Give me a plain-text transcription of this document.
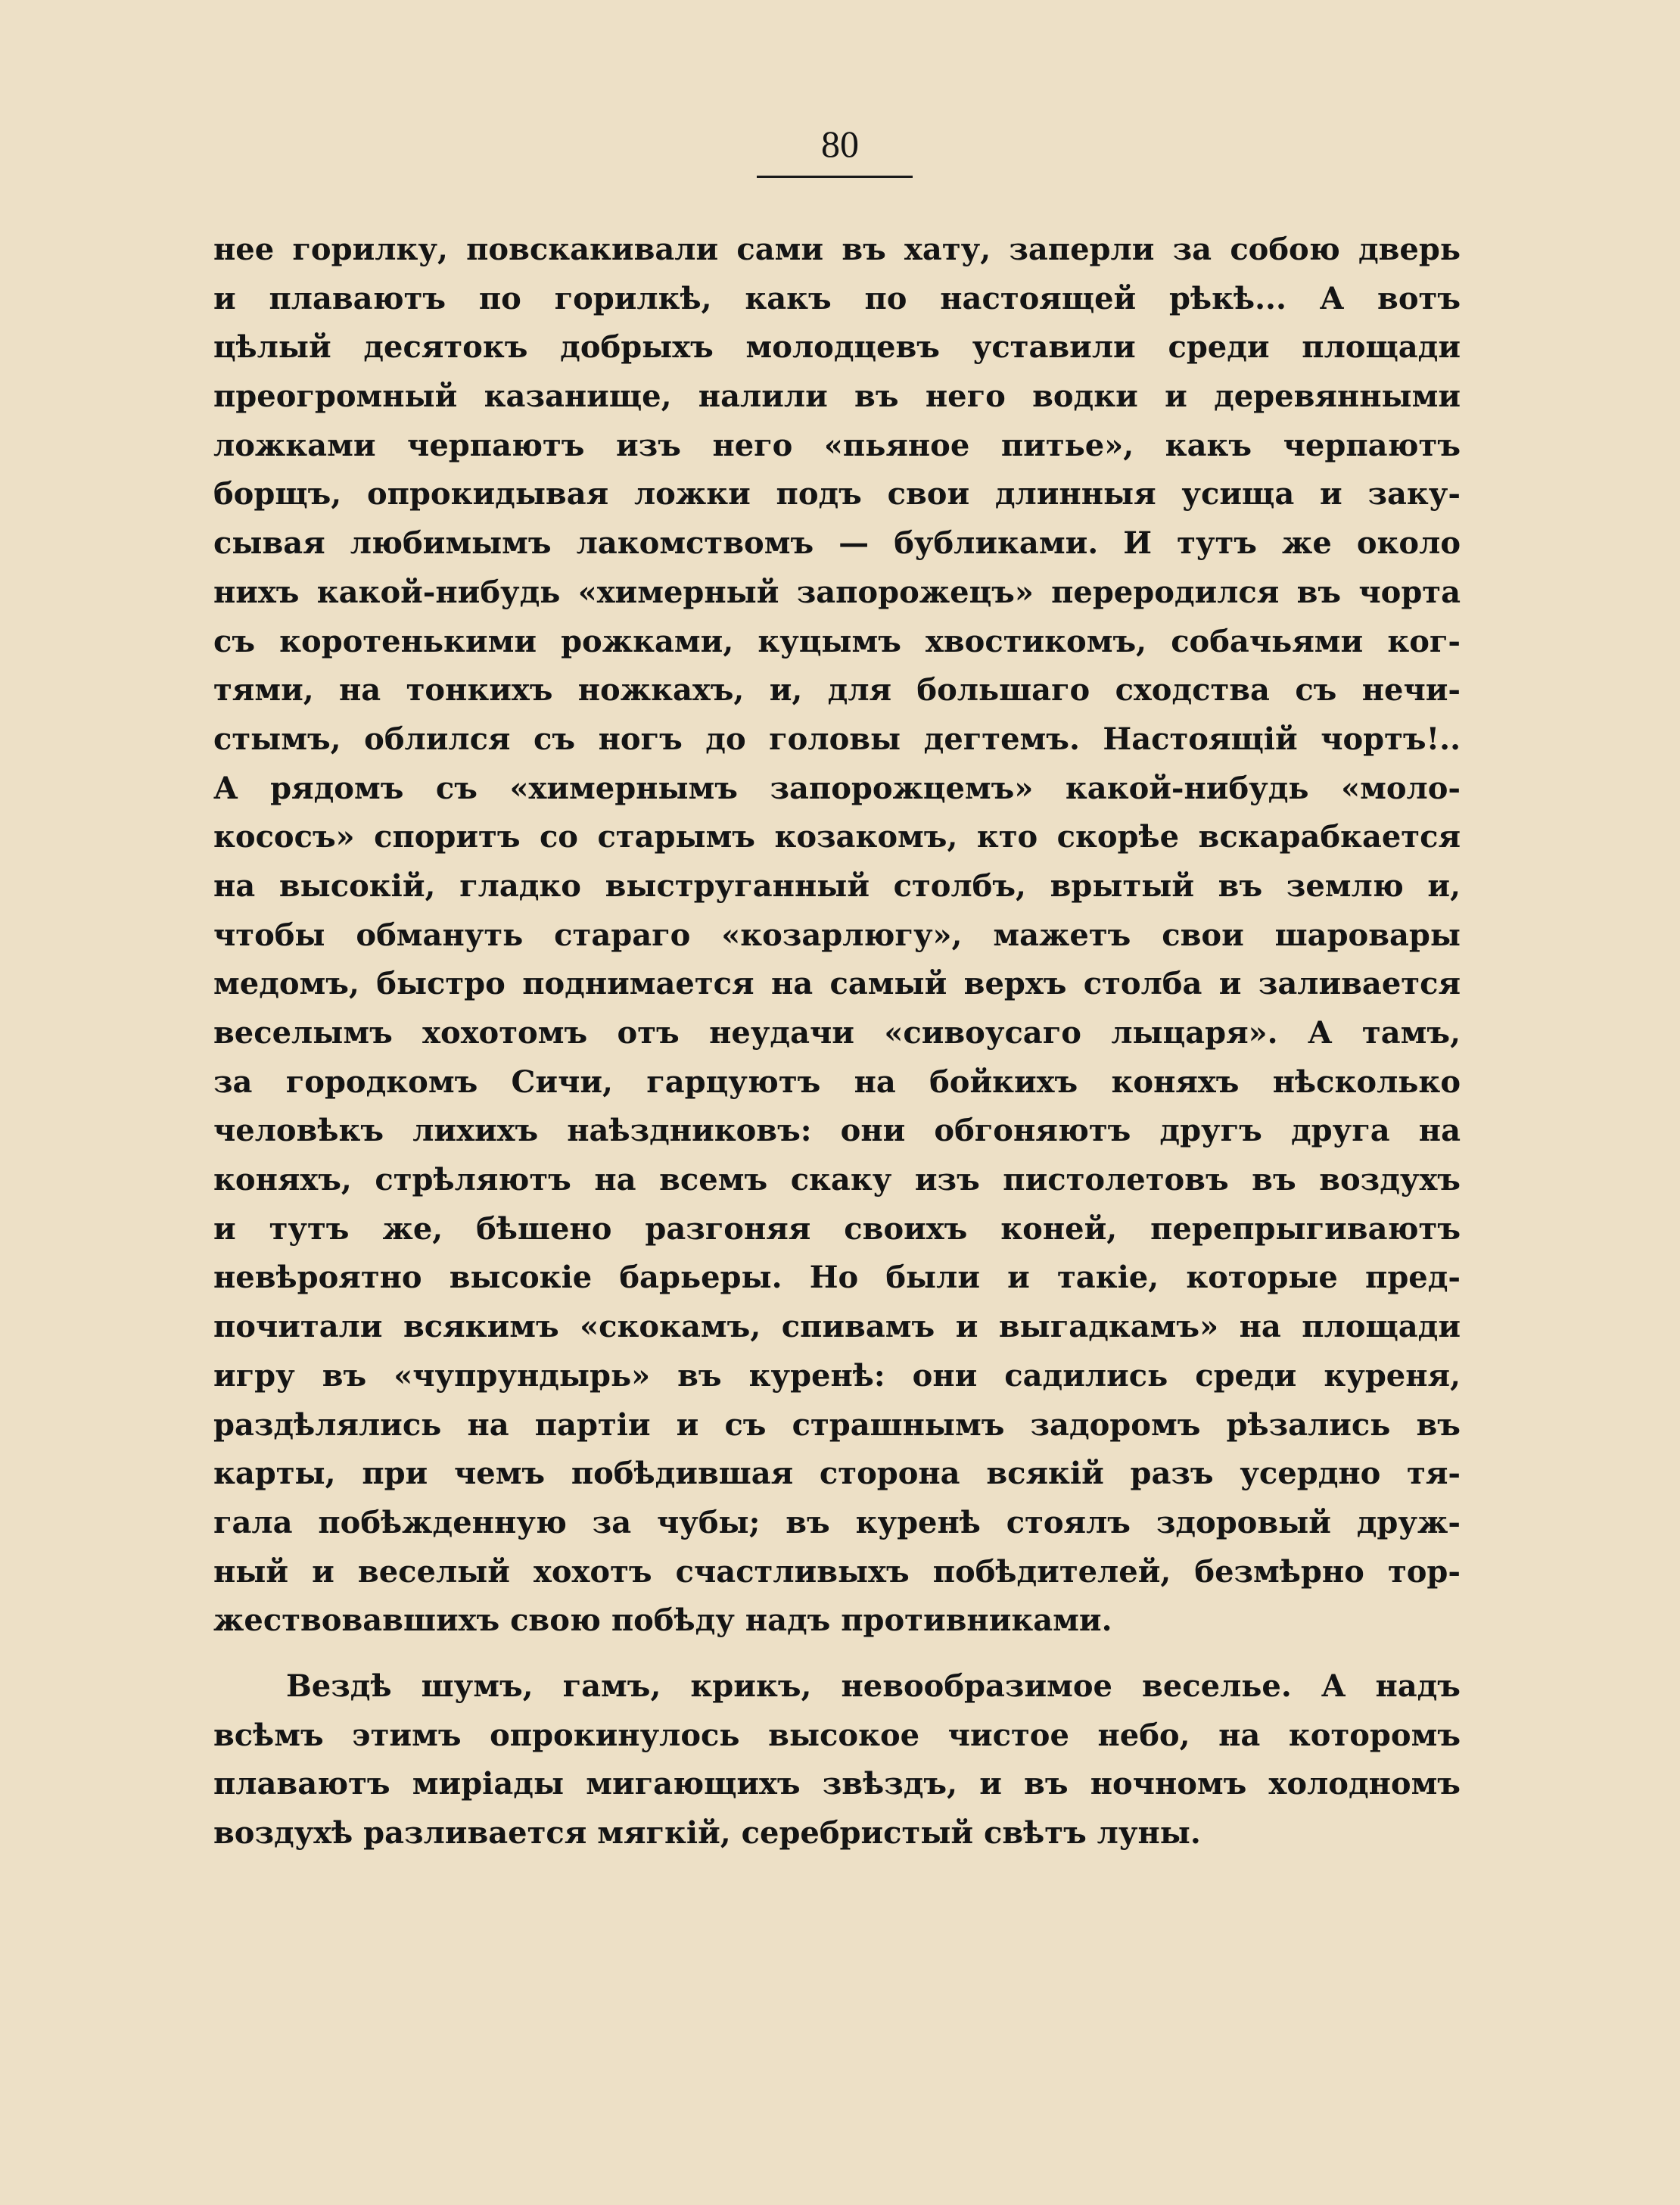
80
нее горилку, повскакивали сами въ хату, заперли за собою дверь
и плаваютъ по горилкѣ, какъ по настоящей рѣкѣ... А вотъ
цѣлый десятокъ добрыхъ молодцевъ уставили среди площади
преогромный казанище, налили въ него водки и деревянными
ложками черпаютъ изъ него «пьяное питье», какъ черпаютъ
борщъ, опрокидывая ложки подъ свои длинныя усища и заку-
сывая любимымъ лакомствомъ — бубликами. И тутъ же около
нихъ какой-нибудь «химерный запорожецъ» переродился въ чорта
съ коротенькими рожками, куцымъ хвостикомъ, собачьями ког-
тями, на тонкихъ ножкахъ, и, для большаго сходства съ нечи-
стымъ, облился съ ногъ до головы дегтемъ. Настоящій чортъ!..
А рядомъ съ «химернымъ запорожцемъ» какой-нибудь «моло-
кососъ» споритъ со старымъ козакомъ, кто скорѣе вскарабкается
на высокій, гладко выструганный столбъ, врытый въ землю и,
чтобы обмануть стараго «козарлюгу», мажетъ свои шаровары
медомъ, быстро поднимается на самый верхъ столба и заливается
веселымъ хохотомъ отъ неудачи «сивоусаго лыцаря». А тамъ,
за городкомъ Сичи, гарцуютъ на бойкихъ коняхъ нѣсколько
человѣкъ лихихъ наѣздниковъ: они обгоняютъ другъ друга на
коняхъ, стрѣляютъ на всемъ скаку изъ пистолетовъ въ воздухъ
и тутъ же, бѣшено разгоняя своихъ коней, перепрыгиваютъ
невѣроятно высокіе барьеры. Но были и такіе, которые пред-
почитали всякимъ «скокамъ, спивамъ и выгадкамъ» на площади
игру въ «чупрундырь» въ куренѣ: они садились среди куреня,
раздѣлялись на партіи и съ страшнымъ задоромъ рѣзались въ
карты, при чемъ побѣдившая сторона всякій разъ усердно тя-
гала побѣжденную за чубы; въ куренѣ стоялъ здоровый друж-
ный и веселый хохотъ счастливыхъ побѣдителей, безмѣрно тор-
жествовавшихъ свою побѣду надъ противниками.
Вездѣ шумъ, гамъ, крикъ, невообразимое веселье. А надъ
всѣмъ этимъ опрокинулось высокое чистое небо, на которомъ
плаваютъ миріады мигающихъ звѣздъ, и въ ночномъ холодномъ
воздухѣ разливается мягкій, серебристый свѣтъ луны.
